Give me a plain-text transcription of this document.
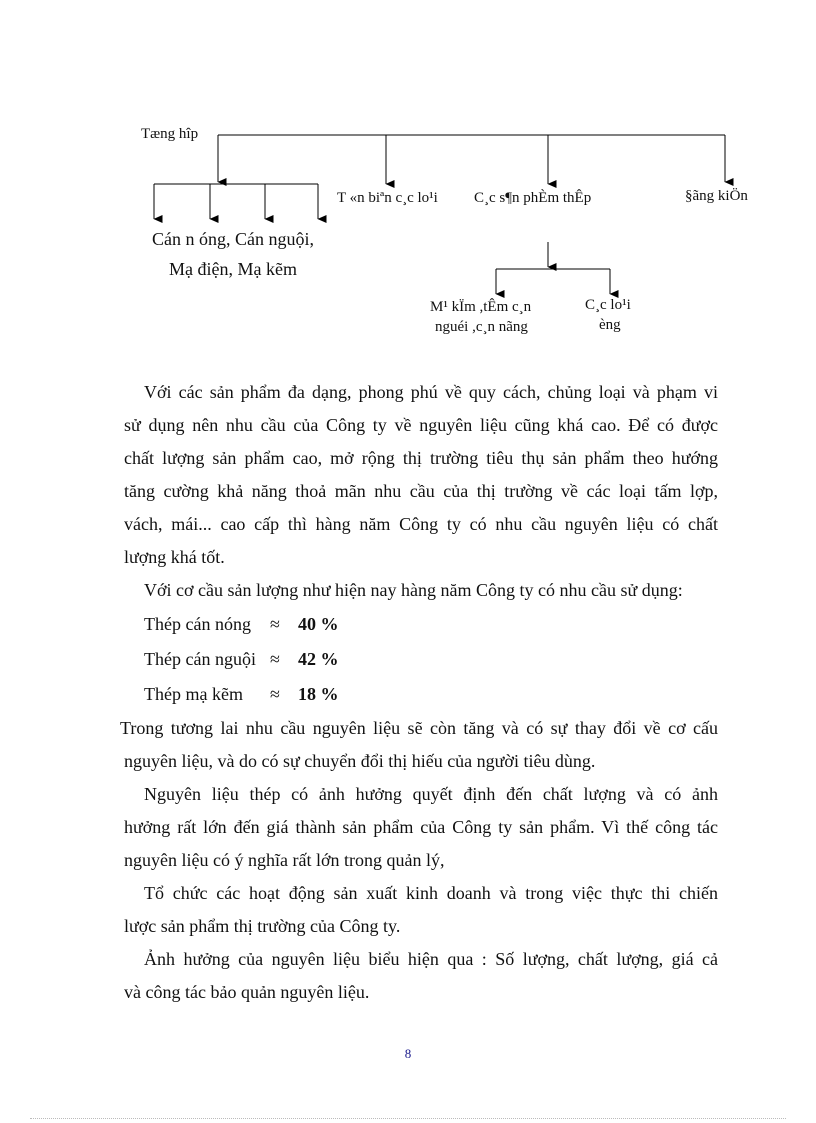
Tæng hîp
Cán n óng, Cán nguội,
Mạ điện, Mạ kẽm
T «n biªn c¸c lo¹i C¸c s¶n phÈm thÊp	§ãng kiÖn
M¹ kÏm ,tÊm c¸n
nguéi ,c¸n nãng
C¸c lo¹i
èng

Với các sản phẩm đa dạng, phong phú về quy cách, chủng loại và phạm vi

sử dụng nên nhu cầu của Công ty về nguyên liệu cũng khá cao. Để có được

chất lượng sản phẩm cao, mở rộng thị trường tiêu thụ sản phẩm theo hướng

tăng cường khả năng thoả mãn nhu cầu của thị trường về các loại tấm lợp,

vách, mái... cao cấp thì hàng năm Công ty có nhu cầu nguyên liệu có chất

lượng khá tốt.

Với cơ cầu sản lượng như hiện nay hàng năm Công ty có nhu cầu sử dụng:

Thép cán nóng ≈ 40 %
Thép cán nguội ≈ 42 %
Thép mạ kẽm ≈ 18 %

Trong tương lai nhu cầu nguyên liệu sẽ còn tăng và có sự thay đổi về cơ cấu

nguyên liệu, và do có sự chuyển đổi thị hiếu của người tiêu dùng.

Nguyên liệu thép có ảnh hưởng quyết định đến chất lượng và có ảnh

hưởng rất lớn đến giá thành sản phẩm của Công ty sản phẩm. Vì thế công tác

nguyên liệu có ý nghĩa rất lớn trong quản lý,

Tổ chức các hoạt động sản xuất kinh doanh và trong việc thực thi chiến

lược sản phẩm thị trường của Công ty.

Ảnh hưởng của nguyên liệu biểu hiện qua : Số lượng, chất lượng, giá cả

và công tác bảo quản nguyên liệu.

8
